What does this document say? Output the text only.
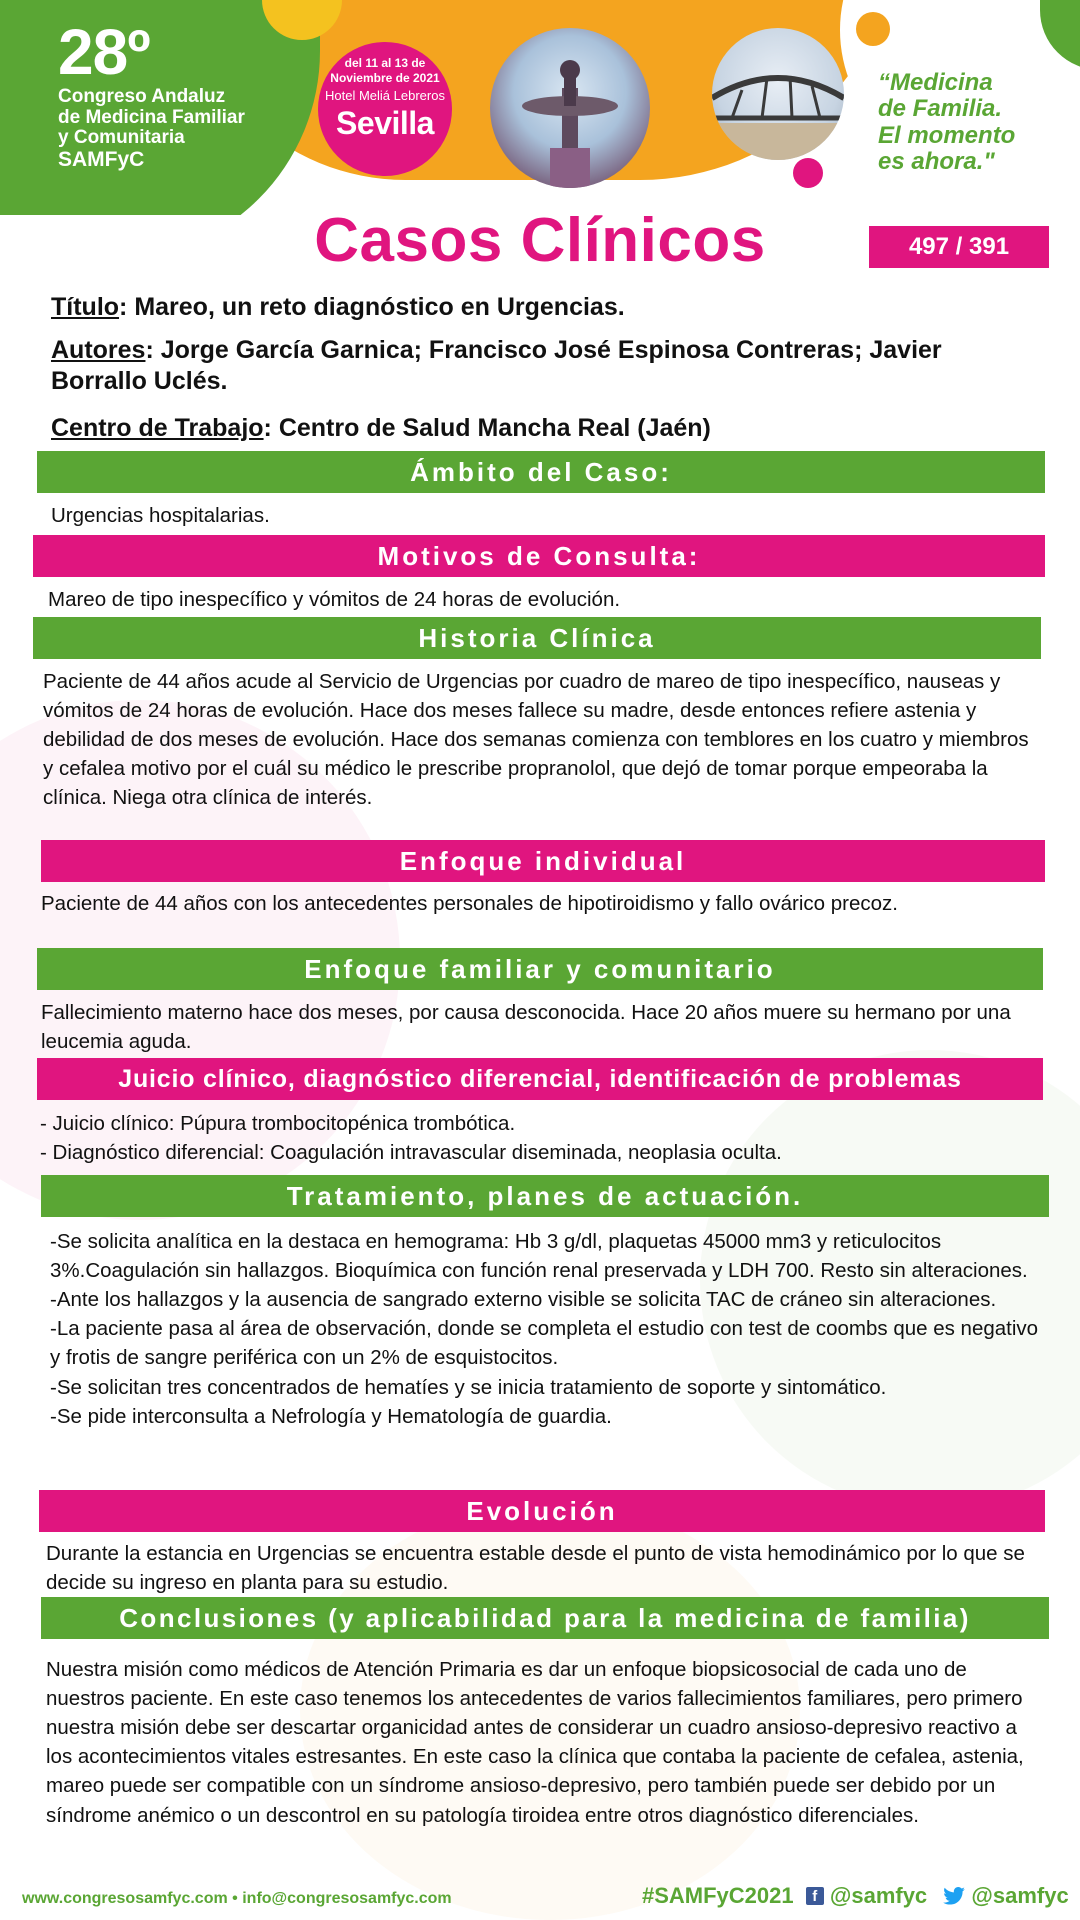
28º
Congreso Andaluz
de Medicina Familiar
y Comunitaria
SAMFyC
del 11 al 13 de
Noviembre de 2021
Hotel Meliá Lebreros
Sevilla
“Medicina
de Familia.
El momento
es ahora."
Casos Clínicos	497 / 391
Título: Mareo, un reto diagnóstico en Urgencias.
Autores: Jorge García Garnica; Francisco José Espinosa Contreras; Javier Borrallo Uclés.
Centro de Trabajo: Centro de Salud Mancha Real (Jaén)
Ámbito del Caso:
Urgencias hospitalarias.
Motivos de Consulta:
Mareo de tipo inespecífico y vómitos de 24 horas de evolución.
Historia Clínica
Paciente de 44 años acude al Servicio de Urgencias por cuadro de mareo de tipo inespecífico, nauseas y vómitos de 24 horas de evolución. Hace dos meses fallece su madre, desde entonces refiere astenia y debilidad de dos meses de evolución. Hace dos semanas comienza con temblores en los cuatro y miembros y cefalea motivo por el cuál su médico le prescribe propranolol, que dejó de tomar porque empeoraba la clínica. Niega otra clínica de interés.
Enfoque individual
Paciente de 44 años con los antecedentes personales de hipotiroidismo y fallo ovárico precoz.
Enfoque familiar y comunitario
Fallecimiento materno hace dos meses, por causa desconocida. Hace 20 años muere su hermano por una leucemia aguda.
Juicio clínico, diagnóstico diferencial, identificación de problemas
- Juicio clínico: Púpura trombocitopénica trombótica.
- Diagnóstico diferencial: Coagulación intravascular diseminada, neoplasia oculta.
Tratamiento, planes de actuación.
-Se solicita analítica en la destaca en hemograma: Hb 3 g/dl, plaquetas 45000 mm3 y reticulocitos 3%.Coagulación sin hallazgos. Bioquímica con función renal preservada y LDH 700. Resto sin alteraciones.
-Ante los hallazgos y la ausencia de sangrado externo visible se solicita TAC de cráneo sin alteraciones.
-La paciente pasa al área de observación, donde se completa el estudio con test de coombs que es negativo y frotis de sangre periférica con un 2% de esquistocitos.
-Se solicitan tres concentrados de hematíes y se inicia tratamiento de soporte y sintomático.
-Se pide interconsulta a Nefrología y Hematología de guardia.
Evolución
Durante la estancia en Urgencias se encuentra estable desde el punto de vista hemodinámico por lo que se decide su ingreso en planta para su estudio.
Conclusiones (y aplicabilidad para la medicina de familia)
Nuestra misión como médicos de Atención Primaria es dar un enfoque biopsicosocial de cada uno de nuestros paciente. En este caso tenemos los antecedentes de varios fallecimientos familiares, pero primero nuestra misión debe ser descartar organicidad antes de considerar un cuadro ansioso-depresivo reactivo a los acontecimientos vitales estresantes. En este caso la clínica que contaba la paciente de cefalea, astenia, mareo puede ser compatible con un síndrome ansioso-depresivo, pero también puede ser debido por un síndrome anémico o un descontrol en su patología tiroidea entre otros diagnóstico diferenciales.
www.congresosamfyc.com • info@congresosamfyc.com	#SAMFyC2021 f @samfyc @samfyc
